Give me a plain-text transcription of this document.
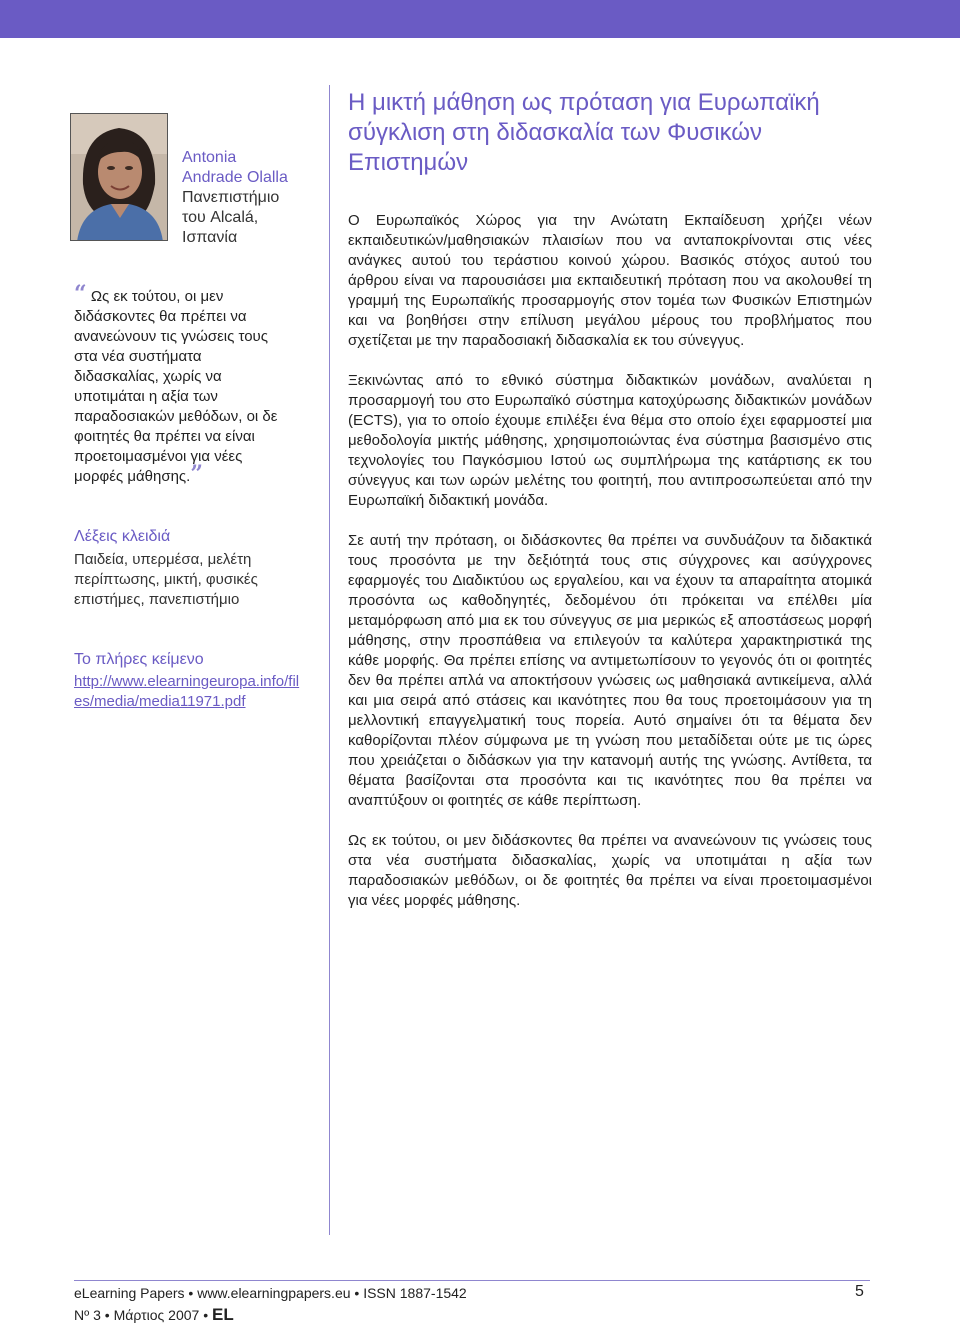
Antonia
Andrade Olalla
Πανεπιστήμιο
του Alcalá,
Ισπανία
“ Ως εκ τούτου, οι μεν διδάσκοντες θα πρέπει να ανανεώνουν τις γνώσεις τους στα νέα συστήματα διδασκαλίας, χωρίς να υποτιμάται η αξία των παραδοσιακών μεθόδων, οι δε φοιτητές θα πρέπει να είναι προετοιμασμένοι για νέες μορφές μάθησης.”
Λέξεις κλειδιά
Παιδεία, υπερμέσα, μελέτη περίπτωσης, μικτή, φυσικές επιστήμες, πανεπιστήμιο
Το πλήρες κείμενο
http://www.elearningeuropa.info/files/media/media11971.pdf
Η μικτή μάθηση ως πρόταση για Ευρωπαϊκή σύγκλιση στη διδασκαλία των Φυσικών Επιστημών

Ο Ευρωπαϊκός Χώρος για την Ανώτατη Εκπαίδευση χρήζει νέων εκπαιδευτικών/μαθησιακών πλαισίων που να ανταποκρίνονται στις νέες ανάγκες αυτού του τεράστιου κοινού χώρου. Βασικός στόχος αυτού του άρθρου είναι να παρουσιάσει μια εκπαιδευτική πρόταση που να ακολουθεί τη γραμμή της Ευρωπαϊκής προσαρμογής στον τομέα των Φυσικών Επιστημών και να βοηθήσει στην επίλυση μεγάλου μέρους του προβλήματος που σχετίζεται με την παραδοσιακή διδασκαλία εκ του σύνεγγυς.

Ξεκινώντας από το εθνικό σύστημα διδακτικών μονάδων, αναλύεται η προσαρμογή του στο Ευρωπαϊκό σύστημα κατοχύρωσης διδακτικών μονάδων (ECTS), για το οποίο έχουμε επιλέξει ένα θέμα στο οποίο έχει εφαρμοστεί μια μεθοδολογία μικτής μάθησης, χρησιμοποιώντας ένα σύστημα βασισμένο στις τεχνολογίες του Παγκόσμιου Ιστού ως συμπλήρωμα της κατάρτισης εκ του σύνεγγυς και των ωρών μελέτης του φοιτητή, που αντιπροσωπεύεται από την Ευρωπαϊκή διδακτική μονάδα.

Σε αυτή την πρόταση, οι διδάσκοντες θα πρέπει να συνδυάζουν τα διδακτικά τους προσόντα με την δεξιότητά τους στις σύγχρονες και ασύγχρονες εφαρμογές του Διαδικτύου ως εργαλείου, και να έχουν τα απαραίτητα ατομικά προσόντα ως καθοδηγητές, δεδομένου ότι πρόκειται να επέλθει μία μεταμόρφωση από μια εκ του σύνεγγυς σε μια μερικώς εξ αποστάσεως μορφή μάθησης, στην προσπάθεια να επιλεγούν τα καλύτερα χαρακτηριστικά της κάθε μορφής. Θα πρέπει επίσης να αντιμετωπίσουν το γεγονός ότι οι φοιτητές δεν θα πρέπει απλά να αποκτήσουν γνώσεις ως μαθησιακά αντικείμενα, αλλά και μια σειρά από στάσεις και ικανότητες που θα τους προετοιμάσουν για τη μελλοντική επαγγελματική τους πορεία. Αυτό σημαίνει ότι τα θέματα δεν καθορίζονται πλέον σύμφωνα με τη γνώση που μεταδίδεται ούτε με τις ώρες που χρειάζεται ο διδάσκων για την κατανομή αυτής της γνώσης. Αντίθετα, τα θέματα βασίζονται στα προσόντα και τις ικανότητες που θα πρέπει να αναπτύξουν οι φοιτητές σε κάθε περίπτωση.

Ως εκ τούτου, οι μεν διδάσκοντες θα πρέπει να ανανεώνουν τις γνώσεις τους στα νέα συστήματα διδασκαλίας, χωρίς να υποτιμάται η αξία των παραδοσιακών μεθόδων, οι δε φοιτητές θα πρέπει να είναι προετοιμασμένοι για νέες μορφές μάθησης.

eLearning Papers • www.elearningpapers.eu • ISSN 1887-1542	5
Nº 3 • Μάρτιος 2007 • EL
